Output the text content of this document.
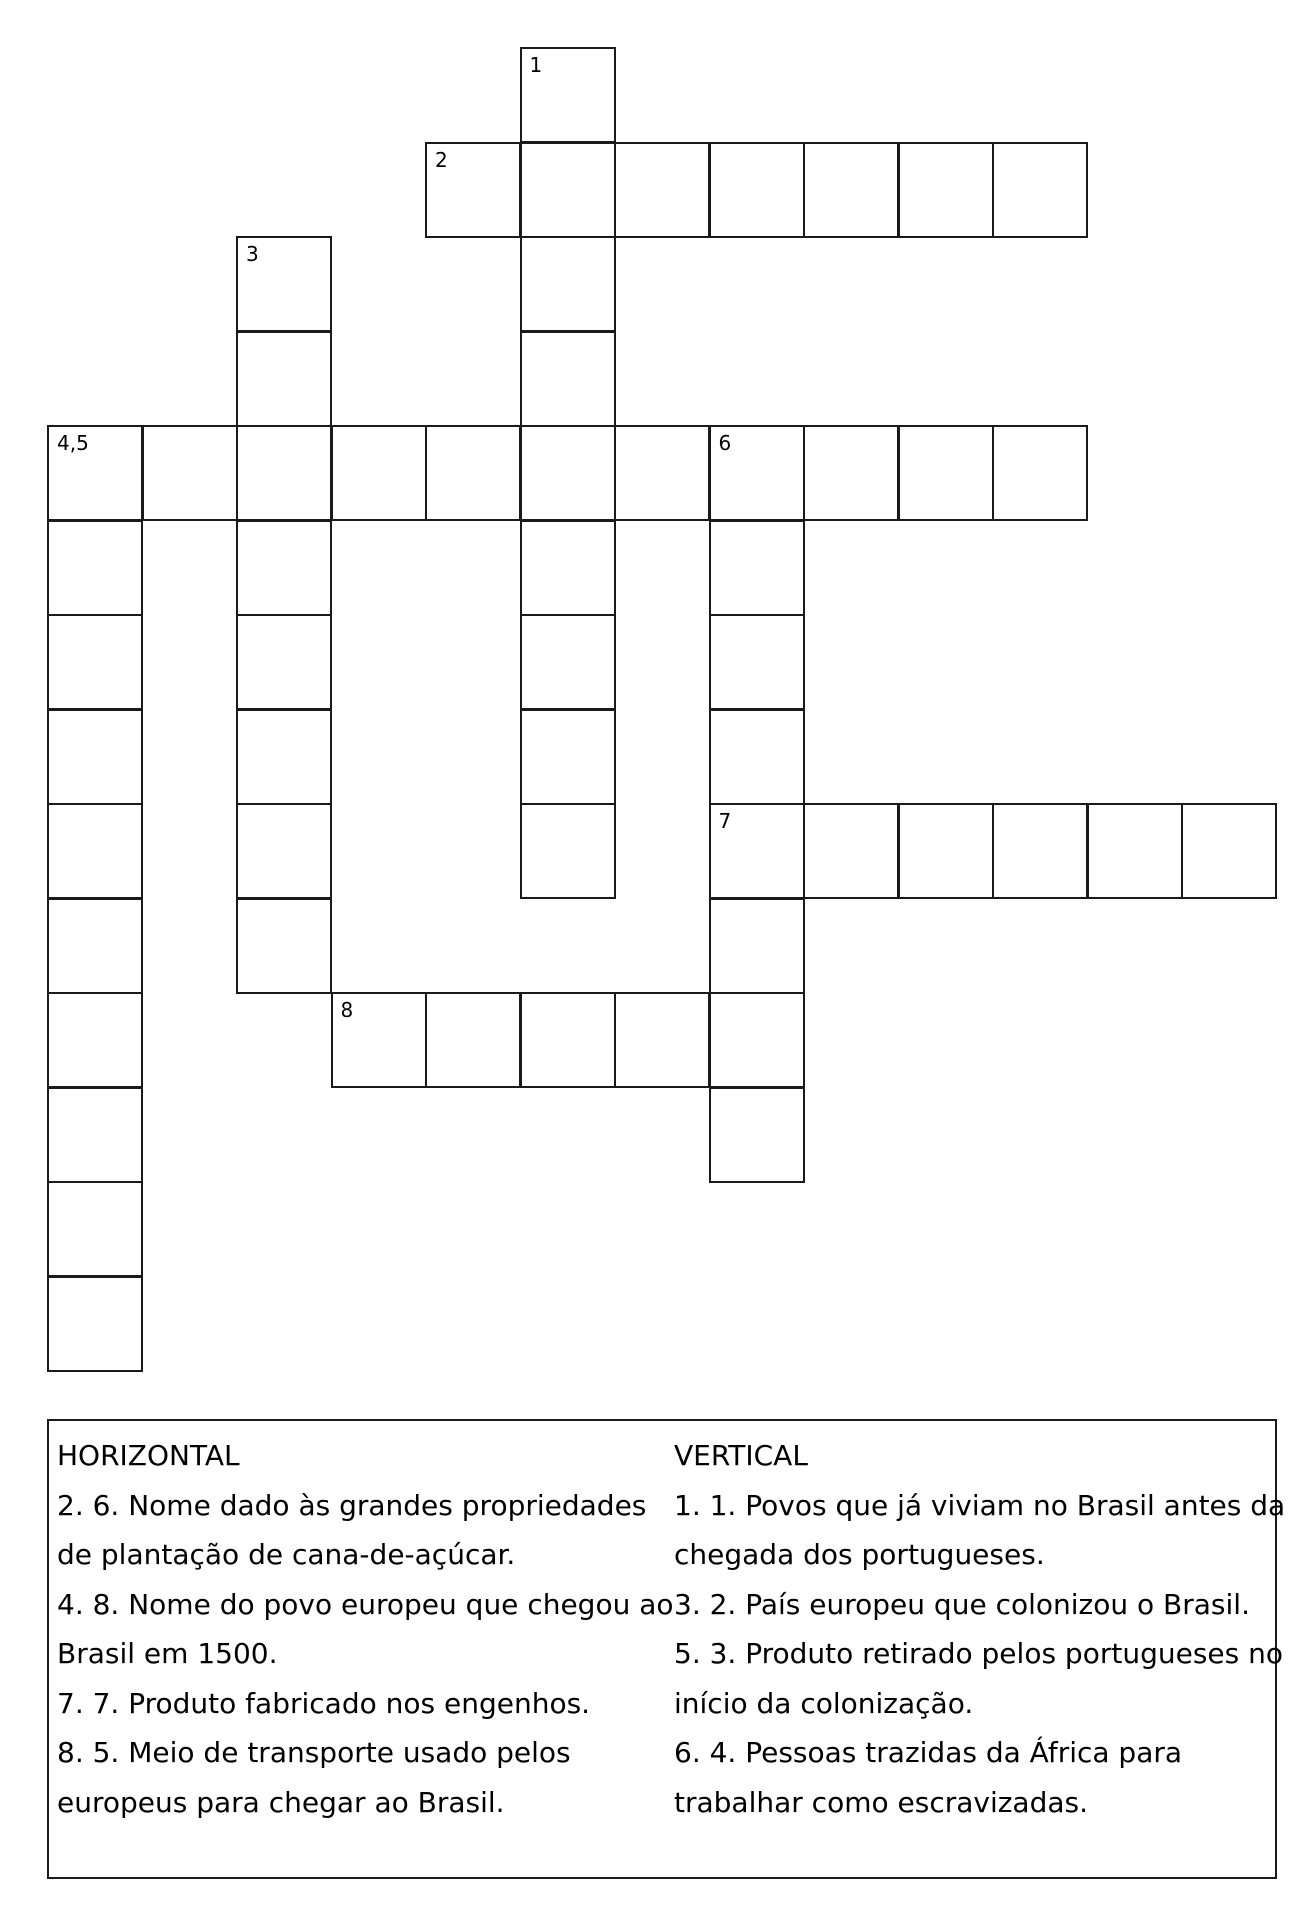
1
2
3
4,5	6
7
8
HORIZONTAL
2. 6. Nome dado às grandes propriedades
de plantação de cana-de-açúcar.
4. 8. Nome do povo europeu que chegou ao
Brasil em 1500.
7. 7. Produto fabricado nos engenhos.
8. 5. Meio de transporte usado pelos
europeus para chegar ao Brasil.
VERTICAL
1. 1. Povos que já viviam no Brasil antes da
chegada dos portugueses.
3. 2. País europeu que colonizou o Brasil.
5. 3. Produto retirado pelos portugueses no
início da colonização.
6. 4. Pessoas trazidas da África para
trabalhar como escravizadas.
